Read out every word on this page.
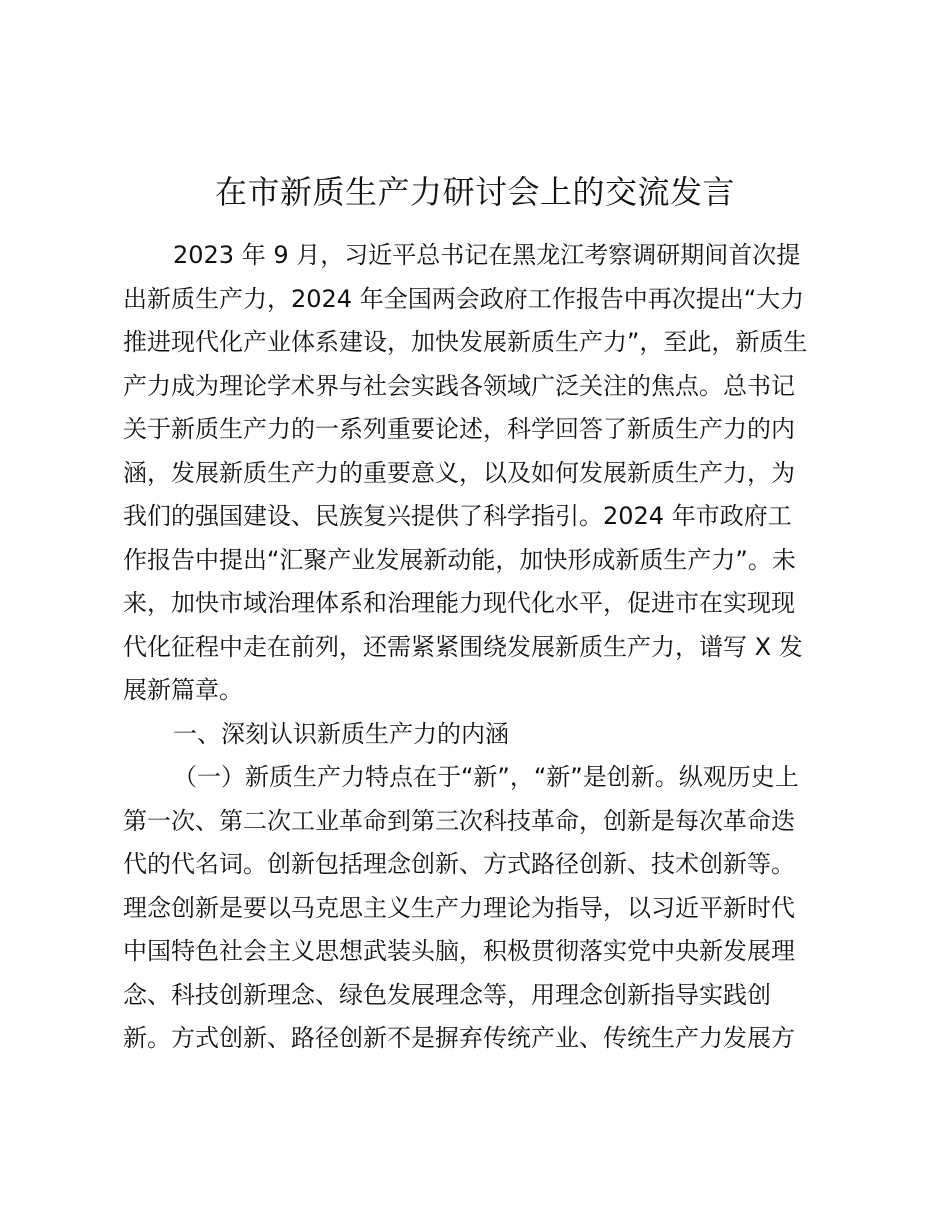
在市新质生产力研讨会上的交流发言
2023 年 9 月，习近平总书记在黑龙江考察调研期间首次提
出新质生产力，2024 年全国两会政府工作报告中再次提出“大力
推进现代化产业体系建设，加快发展新质生产力”，至此，新质生
产力成为理论学术界与社会实践各领域广泛关注的焦点。总书记
关于新质生产力的一系列重要论述，科学回答了新质生产力的内
涵，发展新质生产力的重要意义，以及如何发展新质生产力，为
我们的强国建设、民族复兴提供了科学指引。2024 年市政府工
作报告中提出“汇聚产业发展新动能，加快形成新质生产力”。未
来，加快市域治理体系和治理能力现代化水平，促进市在实现现
代化征程中走在前列，还需紧紧围绕发展新质生产力，谱写 X 发
展新篇章。
一、深刻认识新质生产力的内涵
（一）新质生产力特点在于“新”，“新”是创新。纵观历史上
第一次、第二次工业革命到第三次科技革命，创新是每次革命迭
代的代名词。创新包括理念创新、方式路径创新、技术创新等。
理念创新是要以马克思主义生产力理论为指导，以习近平新时代
中国特色社会主义思想武装头脑，积极贯彻落实党中央新发展理
念、科技创新理念、绿色发展理念等，用理念创新指导实践创
新。方式创新、路径创新不是摒弃传统产业、传统生产力发展方
